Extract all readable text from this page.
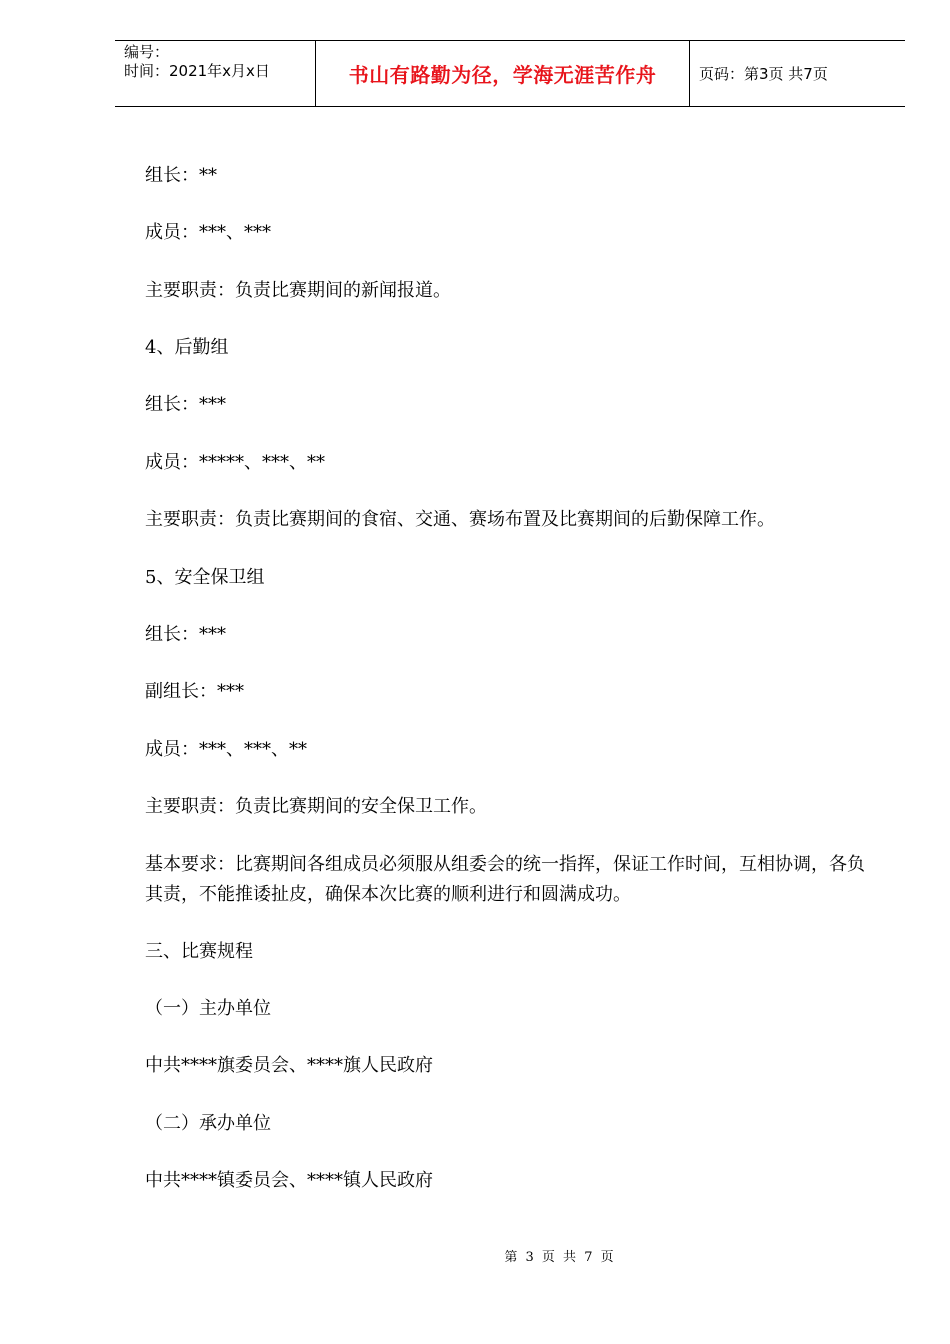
编号：
时间：2021年x月x日	书山有路勤为径，学海无涯苦作舟	页码：第3页 共7页
组长：**
成员：***、***
主要职责：负责比赛期间的新闻报道。
4、后勤组
组长：***
成员：*****、***、**
主要职责：负责比赛期间的食宿、交通、赛场布置及比赛期间的后勤保障工作。
5、安全保卫组
组长：***
副组长：***
成员：***、***、**
主要职责：负责比赛期间的安全保卫工作。
基本要求：比赛期间各组成员必须服从组委会的统一指挥，保证工作时间，互相协调，各负其责，不能推诿扯皮，确保本次比赛的顺利进行和圆满成功。
三、比赛规程
（一）主办单位
中共****旗委员会、****旗人民政府
（二）承办单位
中共****镇委员会、****镇人民政府
第 3 页 共 7 页
